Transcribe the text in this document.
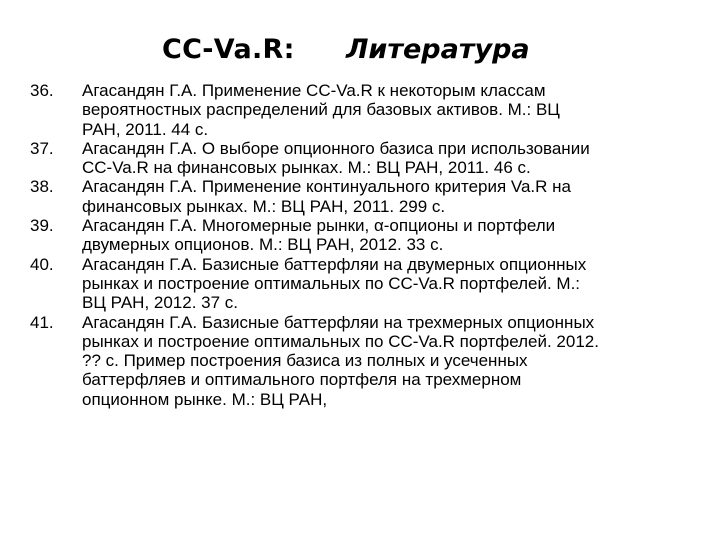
СС-Va.R: Литература
36.	Агасандян Г.А. Применение СС-Va.R к некоторым классам
вероятностных распределений для базовых активов. М.: ВЦ
РАН, 2011. 44 с.
37.	Агасандян Г.А. О выборе опционного базиса при использовании
CC-Va.R на финансовых рынках. М.: ВЦ РАН, 2011. 46 с.
38.	Агасандян Г.А. Применение континуального критерия Va.R на
финансовых рынках. М.: ВЦ РАН, 2011. 299 с.
39.	Агасандян Г.А. Многомерные рынки, α-опционы и портфели
двумерных опционов. М.: ВЦ РАН, 2012. 33 с.
40.	Агасандян Г.А. Базисные баттерфляи на двумерных опционных
рынках и построение оптимальных по CC-Va.R портфелей. М.:
ВЦ РАН, 2012. 37 с.
41.	Агасандян Г.А. Базисные баттерфляи на трехмерных опционных
рынках и построение оптимальных по CC-Va.R портфелей. 2012.
?? с. Пример построения базиса из полных и усеченных
баттерфляев и оптимального портфеля на трехмерном
опционном рынке. М.: ВЦ РАН,
